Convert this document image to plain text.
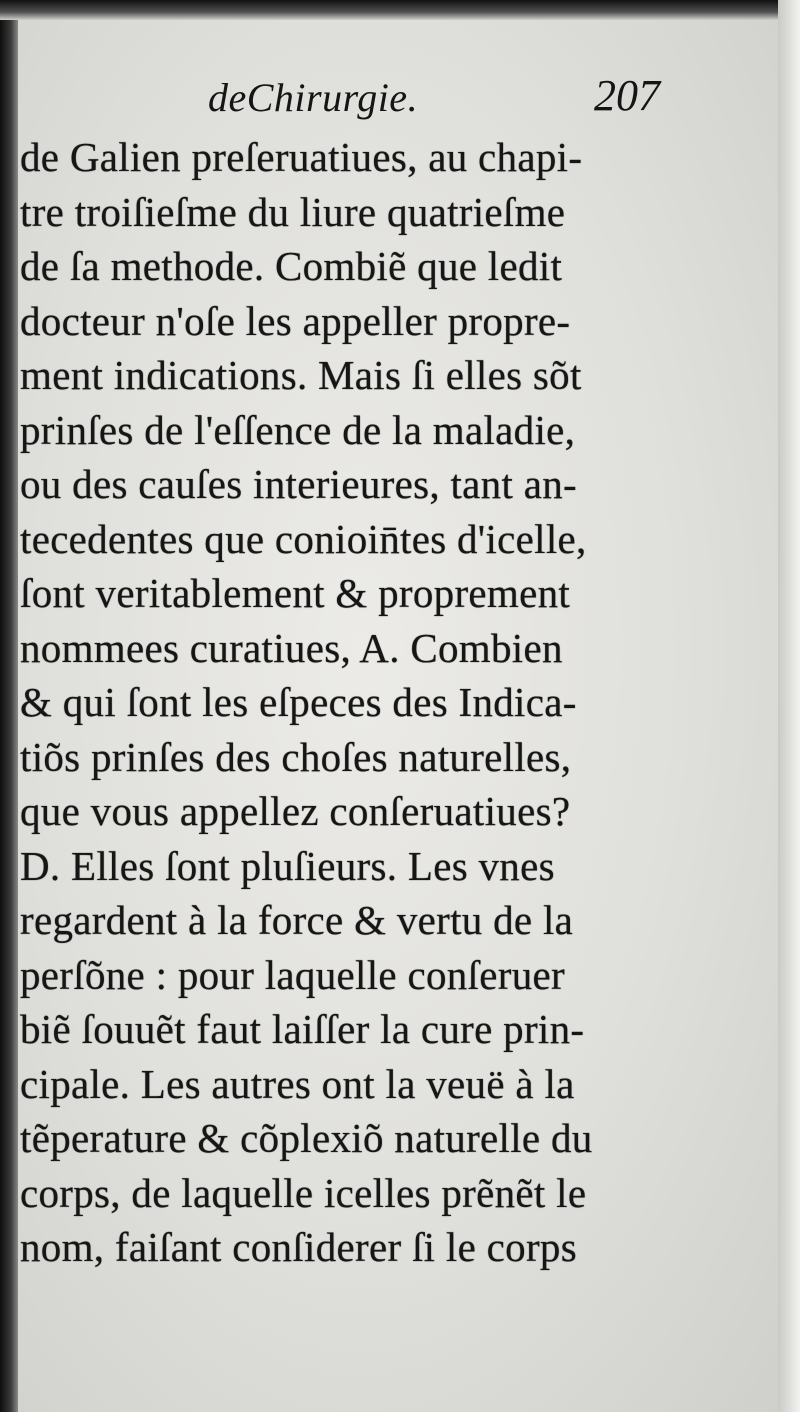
deChirurgie.	207
de Galien preſeruatiues, au chapi-
tre troiſieſme du liure quatrieſme
de ſa methode. Combiẽ que ledit
docteur n'oſe les appeller propre-
ment indications. Mais ſi elles sõt
prinſes de l'eſſence de la maladie,
ou des cauſes interieures, tant an-
tecedentes que conioin̄tes d'icelle,
ſont veritablement & proprement
nommees curatiues, A. Combien
& qui ſont les eſpeces des Indica-
tiõs prinſes des choſes naturelles,
que vous appellez conſeruatiues?
D. Elles ſont pluſieurs. Les vnes
regardent à la force & vertu de la
perſõne : pour laquelle conſeruer
biẽ ſouuẽt faut laiſſer la cure prin-
cipale. Les autres ont la veuë à la
tẽperature & cõplexiõ naturelle du
corps, de laquelle icelles prẽnẽt le
nom, faiſant conſiderer ſi le corps
